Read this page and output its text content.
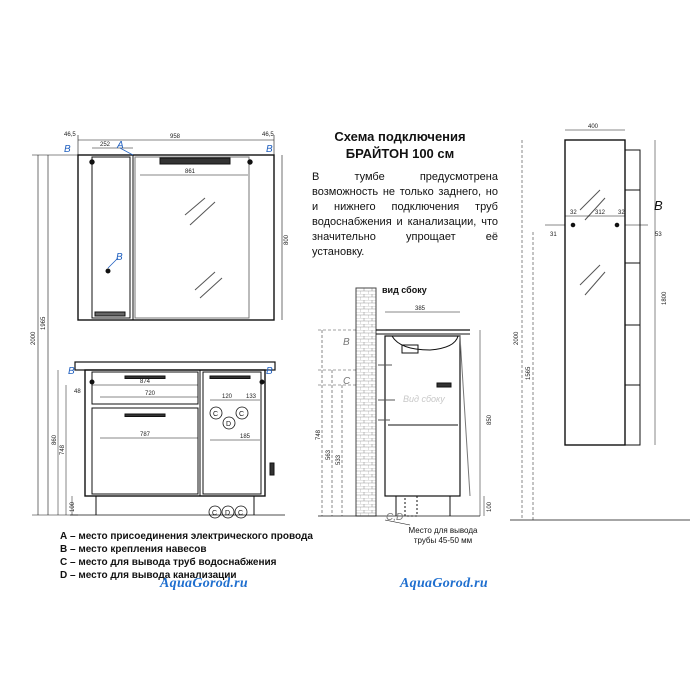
Схема подключения
БРАЙТОН 100 см
В тумбе предусмотрена возможность не только заднего, но и нижнего подключения труб водоснабжения и канализации, что значительно упрощает её установку.
958
46,5	46,5
252
861
800
2000
1965
48
874
720
787
120 133
185
860
748
100
385
748
563 533
850
100
400
32	312 32
31	53
1800
2000
1565
A
B	B
B
B	B
B
B
C
C,D
C
D
C
C D C
Вид сбоку
вид сбоку
Место для вывода трубы 45-50 мм
А – место присоединения электрического провода
В – место крепления навесов
С – место для вывода труб водоснабжения
D – место для вывода канализации
AquaGorod.ru	AquaGorod.ru
